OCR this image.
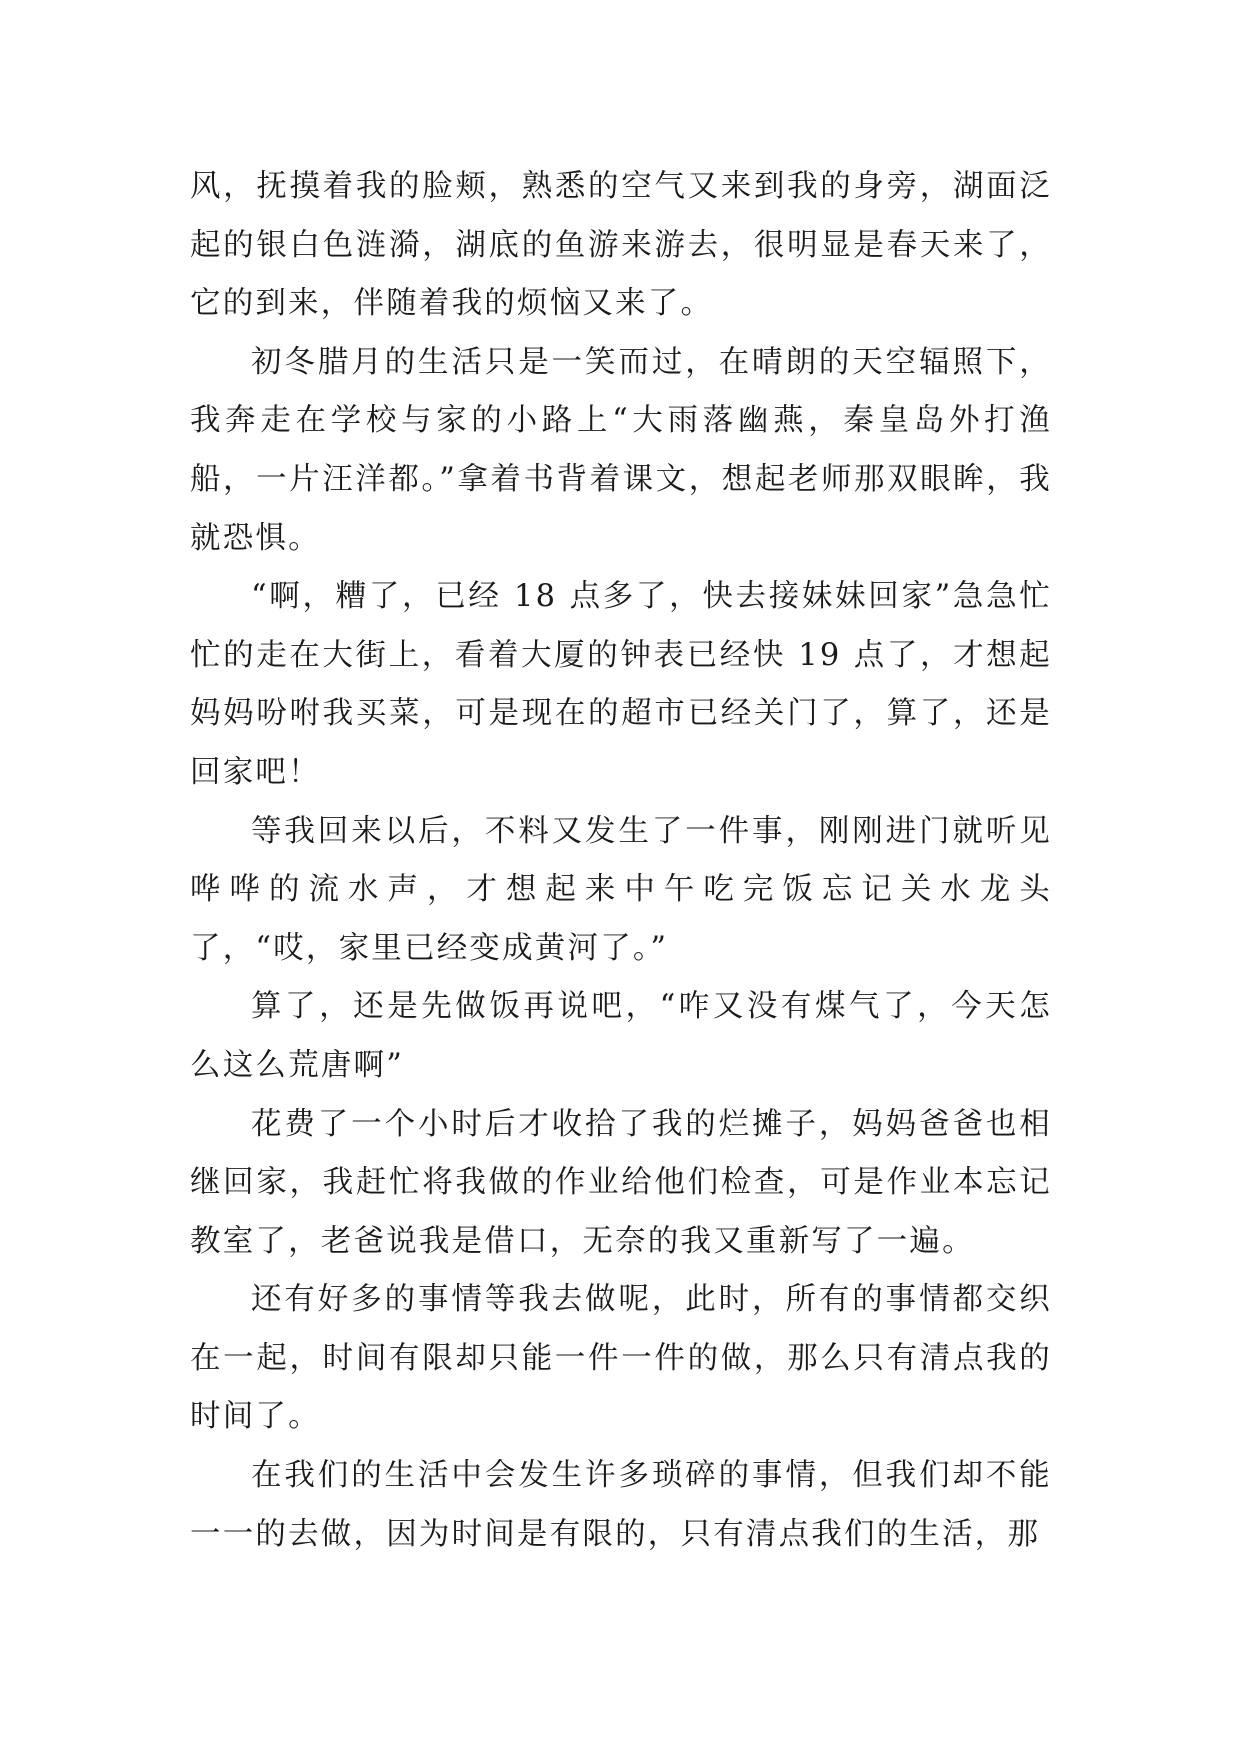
风，抚摸着我的脸颊，熟悉的空气又来到我的身旁，湖面泛起的银白色涟漪，湖底的鱼游来游去，很明显是春天来了，它的到来，伴随着我的烦恼又来了。

初冬腊月的生活只是一笑而过，在晴朗的天空辐照下，我奔走在学校与家的小路上“大雨落幽燕，秦皇岛外打渔船，一片汪洋都。”拿着书背着课文，想起老师那双眼眸，我就恐惧。

“啊，糟了，已经 18 点多了，快去接妹妹回家”急急忙忙的走在大街上，看着大厦的钟表已经快 19 点了，才想起妈妈吩咐我买菜，可是现在的超市已经关门了，算了，还是回家吧！

等我回来以后，不料又发生了一件事，刚刚进门就听见哗哗的流水声，才想起来中午吃完饭忘记关水龙头了，“哎，家里已经变成黄河了。”

算了，还是先做饭再说吧，“咋又没有煤气了，今天怎么这么荒唐啊”

花费了一个小时后才收拾了我的烂摊子，妈妈爸爸也相继回家，我赶忙将我做的作业给他们检查，可是作业本忘记教室了，老爸说我是借口，无奈的我又重新写了一遍。

还有好多的事情等我去做呢，此时，所有的事情都交织在一起，时间有限却只能一件一件的做，那么只有清点我的时间了。

在我们的生活中会发生许多琐碎的事情，但我们却不能一一的去做，因为时间是有限的，只有清点我们的生活，那
